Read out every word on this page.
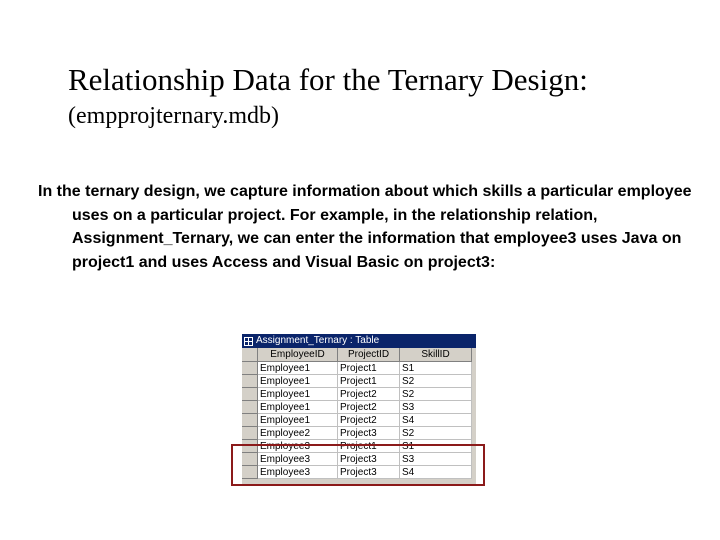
Relationship Data for the Ternary Design:
(empprojternary.mdb)
In the ternary design, we capture information about which skills a particular employee uses on a particular project. For example, in the relationship relation, Assignment_Ternary, we can enter the information that employee3 uses Java on project1 and uses Access and Visual Basic on project3:
Assignment_Ternary : Table
EmployeeID	ProjectID	SkillID
Employee1	Project1	S1
Employee1	Project1	S2
Employee1	Project2	S2
Employee1	Project2	S3
Employee1	Project2	S4
Employee2	Project3	S2
Employee3	Project1	S1
Employee3	Project3	S3
Employee3	Project3	S4
